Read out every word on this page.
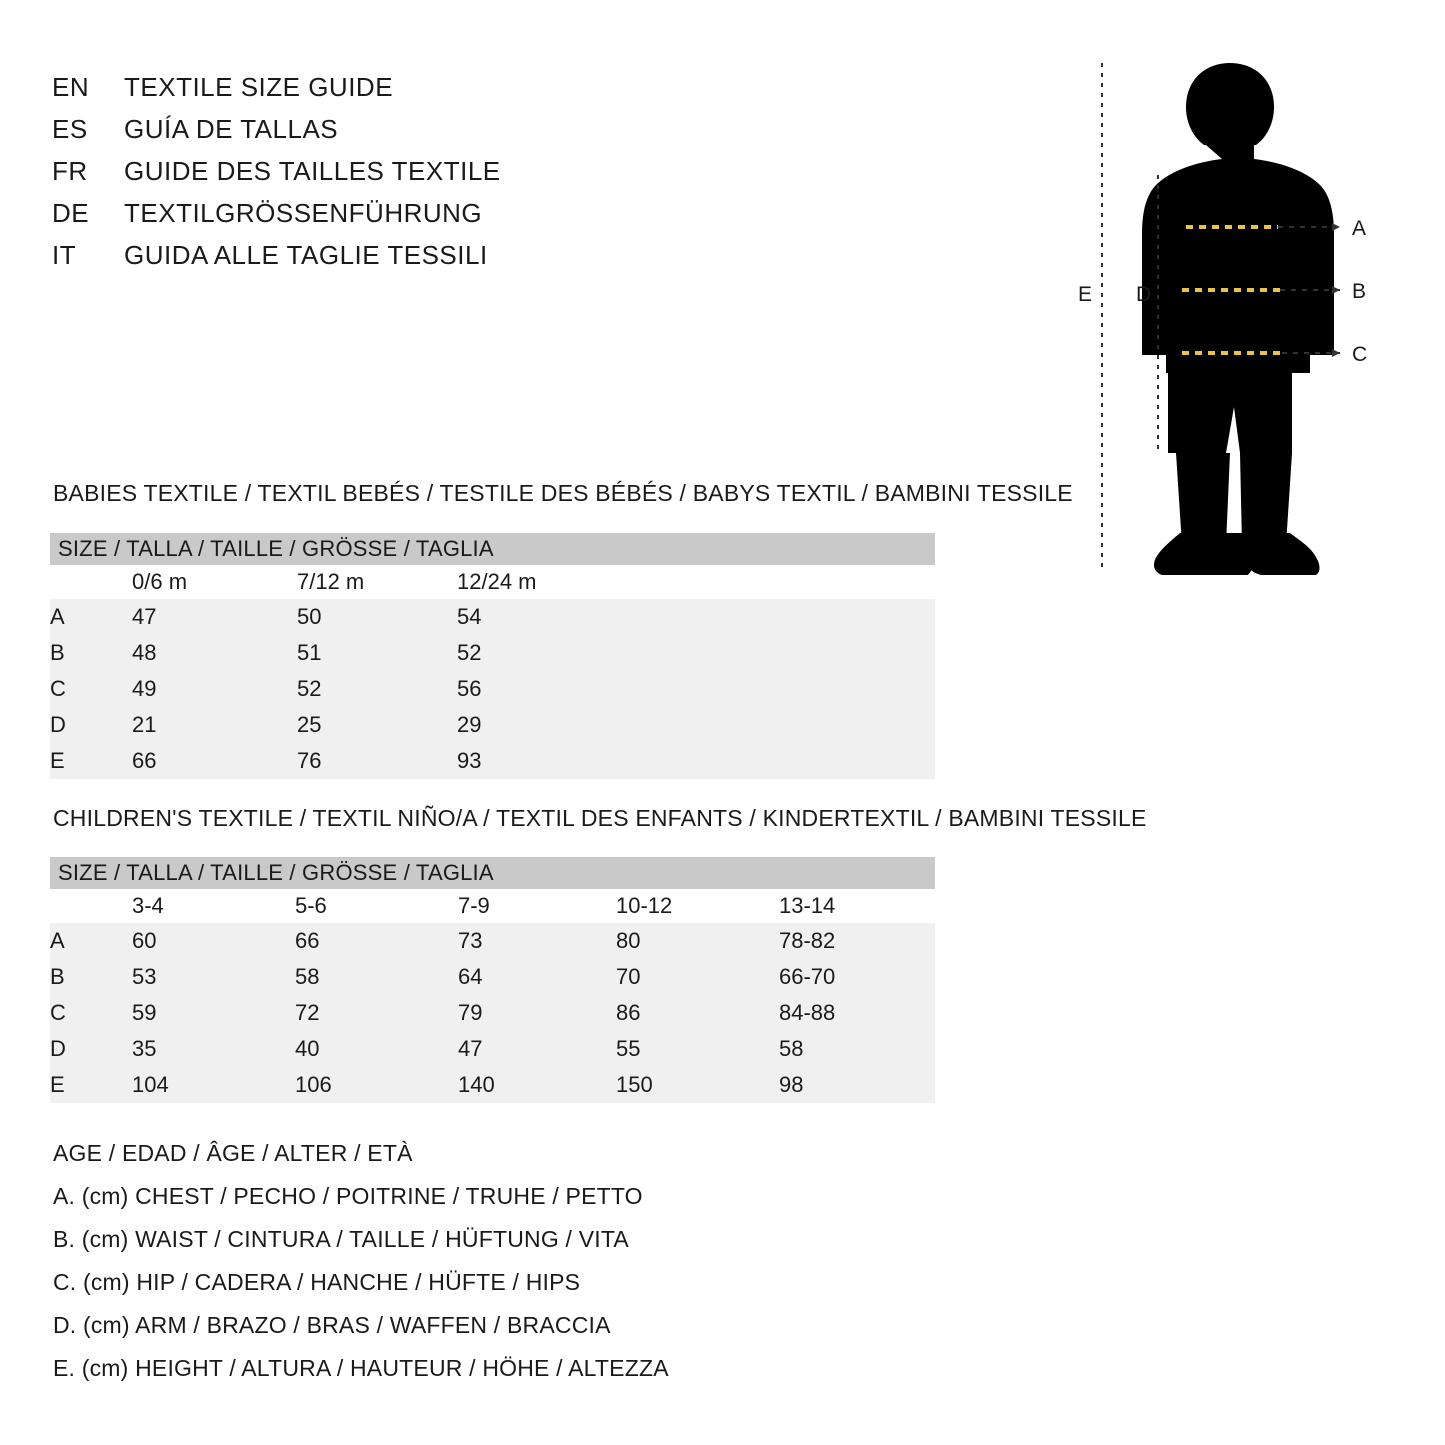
EN	TEXTILE SIZE GUIDE
ES	GUÍA DE TALLAS
FR	GUIDE DES TAILLES TEXTILE
DE	TEXTILGRÖSSENFÜHRUNG
IT	GUIDA ALLE TAGLIE TESSILI
E D
A
B
C
BABIES TEXTILE / TEXTIL BEBÉS / TESTILE DES BÉBÉS / BABYS TEXTIL / BAMBINI TESSILE
SIZE / TALLA / TAILLE / GRÖSSE / TAGLIA			
	0/6 m	7/12 m	12/24 m
A	47	50	54
B	48	51	52
C	49	52	56
D	21	25	29
E	66	76	93
CHILDREN'S TEXTILE / TEXTIL NIÑO/A / TEXTIL DES ENFANTS / KINDERTEXTIL / BAMBINI TESSILE
SIZE / TALLA / TAILLE / GRÖSSE / TAGLIA					
	3-4	5-6	7-9	10-12	13-14
A	60	66	73	80	78-82
B	53	58	64	70	66-70
C	59	72	79	86	84-88
D	35	40	47	55	58
E	104	106	140	150	98
AGE / EDAD / ÂGE / ALTER / ETÀ
A. (cm) CHEST / PECHO / POITRINE / TRUHE / PETTO
B. (cm) WAIST / CINTURA / TAILLE / HÜFTUNG / VITA
C. (cm) HIP / CADERA / HANCHE / HÜFTE / HIPS
D. (cm) ARM / BRAZO / BRAS / WAFFEN / BRACCIA
E. (cm) HEIGHT / ALTURA / HAUTEUR / HÖHE / ALTEZZA
